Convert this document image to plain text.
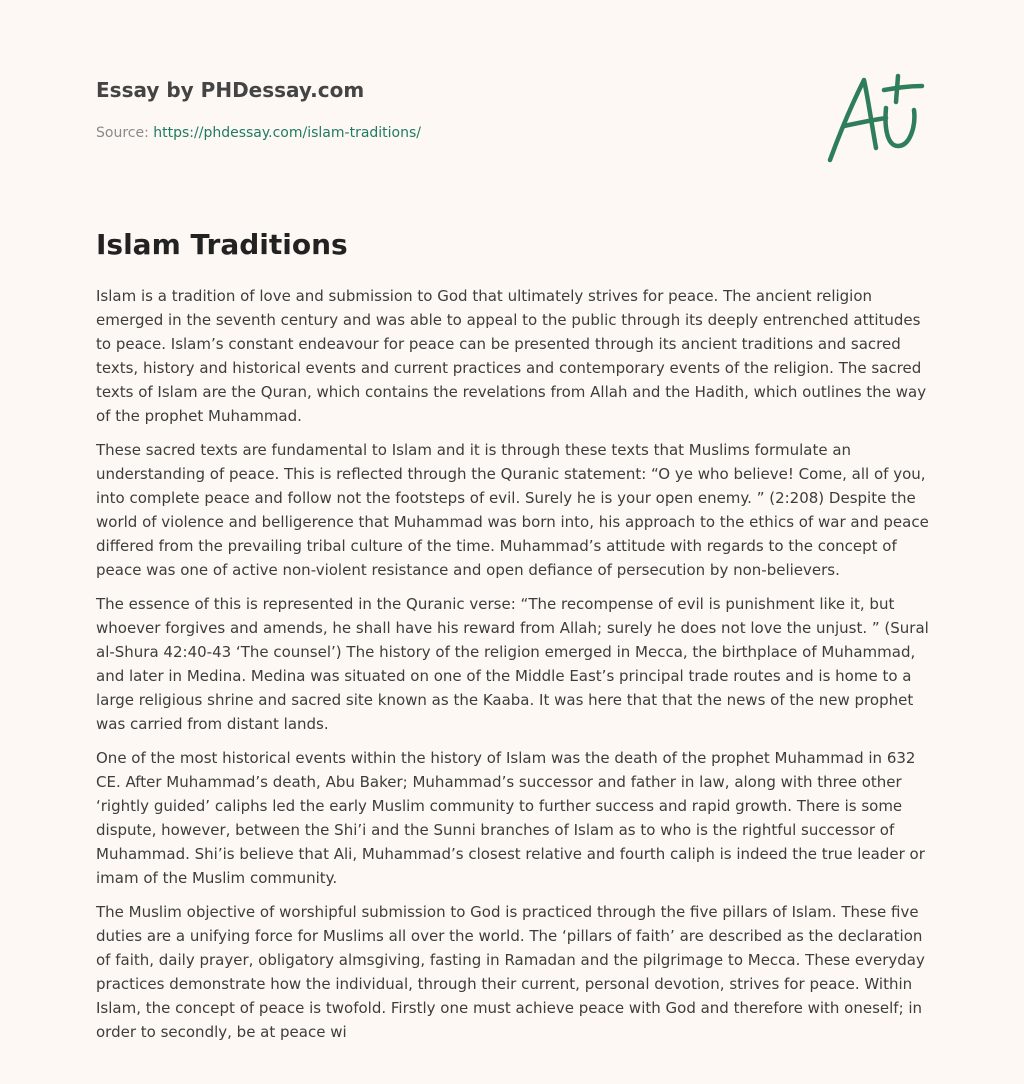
Essay by PHDessay.com

Source: https://phdessay.com/islam-traditions/

Islam Traditions

Islam is a tradition of love and submission to God that ultimately strives for peace. The ancient religion emerged in the seventh century and was able to appeal to the public through its deeply entrenched attitudes to peace. Islam’s constant endeavour for peace can be presented through its ancient traditions and sacred texts, history and historical events and current practices and contemporary events of the religion. The sacred texts of Islam are the Quran, which contains the revelations from Allah and the Hadith, which outlines the way of the prophet Muhammad.

These sacred texts are fundamental to Islam and it is through these texts that Muslims formulate an understanding of peace. This is reflected through the Quranic statement: “O ye who believe! Come, all of you, into complete peace and follow not the footsteps of evil. Surely he is your open enemy. ” (2:208) Despite the world of violence and belligerence that Muhammad was born into, his approach to the ethics of war and peace differed from the prevailing tribal culture of the time. Muhammad’s attitude with regards to the concept of peace was one of active non-violent resistance and open defiance of persecution by non-believers.

The essence of this is represented in the Quranic verse: “The recompense of evil is punishment like it, but whoever forgives and amends, he shall have his reward from Allah; surely he does not love the unjust. ” (Sural al-Shura 42:40-43 ‘The counsel’) The history of the religion emerged in Mecca, the birthplace of Muhammad, and later in Medina. Medina was situated on one of the Middle East’s principal trade routes and is home to a large religious shrine and sacred site known as the Kaaba. It was here that that the news of the new prophet was carried from distant lands.

One of the most historical events within the history of Islam was the death of the prophet Muhammad in 632 CE. After Muhammad’s death, Abu Baker; Muhammad’s successor and father in law, along with three other ‘rightly guided’ caliphs led the early Muslim community to further success and rapid growth. There is some dispute, however, between the Shi’i and the Sunni branches of Islam as to who is the rightful successor of Muhammad. Shi’is believe that Ali, Muhammad’s closest relative and fourth caliph is indeed the true leader or imam of the Muslim community.

The Muslim objective of worshipful submission to God is practiced through the five pillars of Islam. These five duties are a unifying force for Muslims all over the world. The ‘pillars of faith’ are described as the declaration of faith, daily prayer, obligatory almsgiving, fasting in Ramadan and the pilgrimage to Mecca. These everyday practices demonstrate how the individual, through their current, personal devotion, strives for peace. Within Islam, the concept of peace is twofold. Firstly one must achieve peace with God and therefore with oneself; in order to secondly, be at peace wi
